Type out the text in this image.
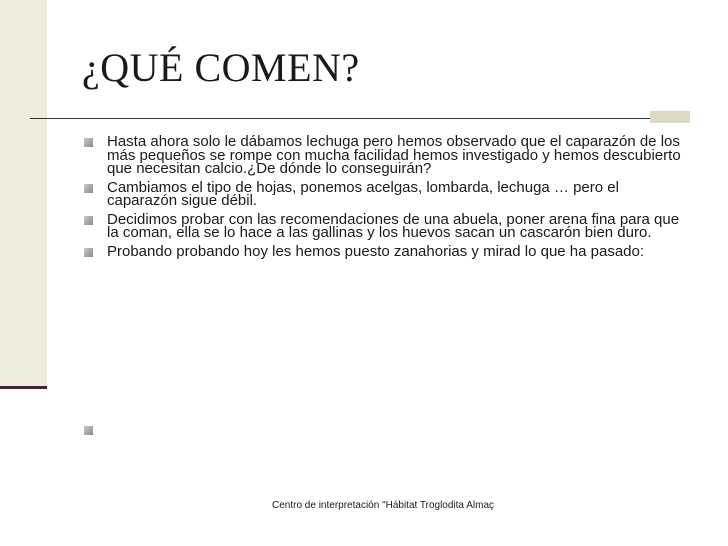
¿QUÉ COMEN?
Hasta ahora solo le dábamos lechuga pero hemos observado que el caparazón de los más pequeños se rompe con mucha facilidad hemos investigado y hemos descubierto que necesitan calcio.¿De dónde lo conseguirán?
Cambiamos el tipo de hojas, ponemos acelgas, lombarda, lechuga … pero el caparazón sigue débil.
Decidimos probar con las recomendaciones de una abuela, poner arena fina para que la coman, ella se lo hace a las gallinas y los huevos sacan un cascarón bien duro.
Probando probando hoy les hemos puesto zanahorias y mirad lo que ha pasado:
Centro de interpretación "Hábitat Troglodita Almaç
